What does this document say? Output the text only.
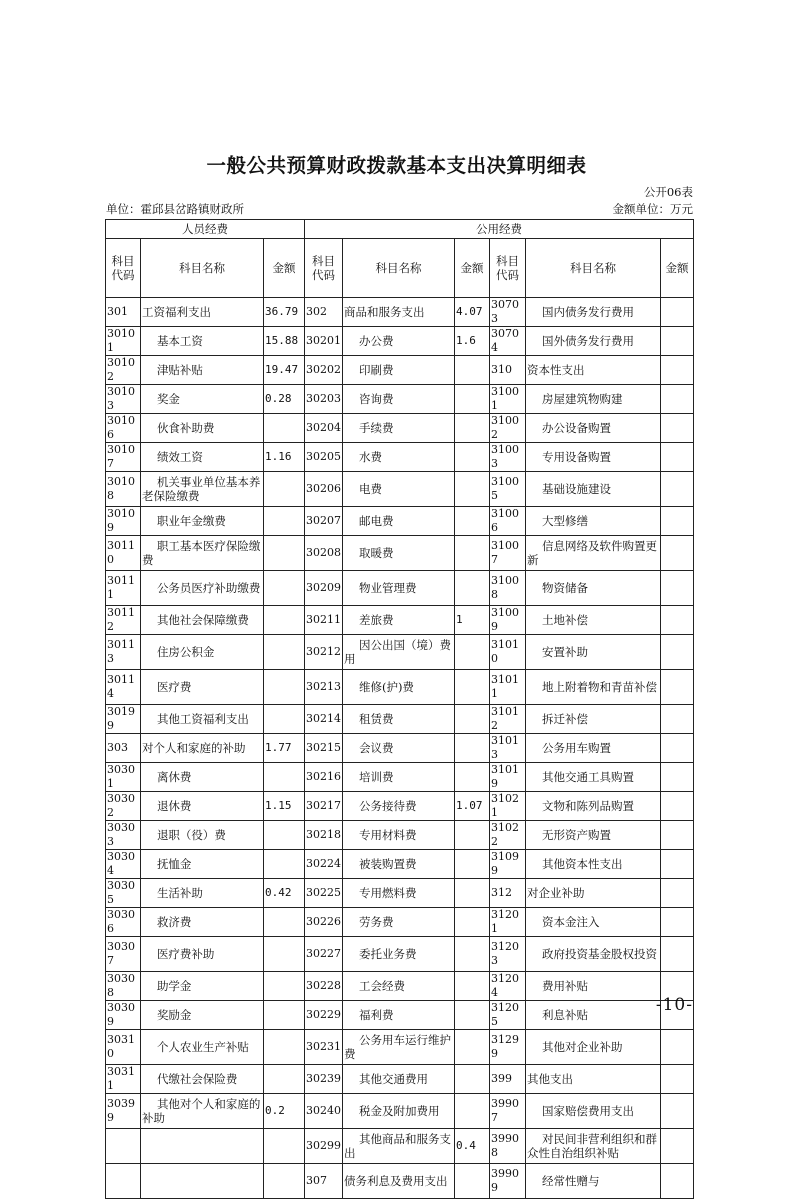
一般公共预算财政拨款基本支出决算明细表
公开06表
单位：霍邱县岔路镇财政所	金额单位：万元
人员经费			公用经费					
科目
代码	科目名称	金额	科目
代码	科目名称	金额	科目
代码	科目名称	金额
301	工资福利支出	36.79	302	商品和服务支出	4.07	30703	国内债务发行费用	
30101	基本工资	15.88	30201	办公费	1.6	30704	国外债务发行费用	
30102	津贴补贴	19.47	30202	印刷费		310	资本性支出	
30103	奖金	0.28	30203	咨询费		31001	房屋建筑物购建	
30106	伙食补助费		30204	手续费		31002	办公设备购置	
30107	绩效工资	1.16	30205	水费		31003	专用设备购置	
30108	机关事业单位基本养老保险缴费		30206	电费		31005	基础设施建设	
30109	职业年金缴费		30207	邮电费		31006	大型修缮	
30110	职工基本医疗保险缴费		30208	取暖费		31007	信息网络及软件购置更新	
30111	公务员医疗补助缴费		30209	物业管理费		31008	物资储备	
30112	其他社会保障缴费		30211	差旅费	1	31009	土地补偿	
30113	住房公积金		30212	因公出国（境）费用		31010	安置补助	
30114	医疗费		30213	维修(护)费		31011	地上附着物和青苗补偿	
30199	其他工资福利支出		30214	租赁费		31012	拆迁补偿	
303	对个人和家庭的补助	1.77	30215	会议费		31013	公务用车购置	
30301	离休费		30216	培训费		31019	其他交通工具购置	
30302	退休费	1.15	30217	公务接待费	1.07	31021	文物和陈列品购置	
30303	退职（役）费		30218	专用材料费		31022	无形资产购置	
30304	抚恤金		30224	被装购置费		31099	其他资本性支出	
30305	生活补助	0.42	30225	专用燃料费		312	对企业补助	
30306	救济费		30226	劳务费		31201	资本金注入	
30307	医疗费补助		30227	委托业务费		31203	政府投资基金股权投资	
30308	助学金		30228	工会经费		31204	费用补贴	
30309	奖励金		30229	福利费		31205	利息补贴	
30310	个人农业生产补贴		30231	公务用车运行维护费		31299	其他对企业补助	
30311	代缴社会保险费		30239	其他交通费用		399	其他支出	
30399	其他对个人和家庭的补助	0.2	30240	税金及附加费用		39907	国家赔偿费用支出	
			30299	其他商品和服务支出	0.4	39908	对民间非营利组织和群众性自治组织补贴	
			307	债务利息及费用支出		39909	经常性赠与	
-10-
